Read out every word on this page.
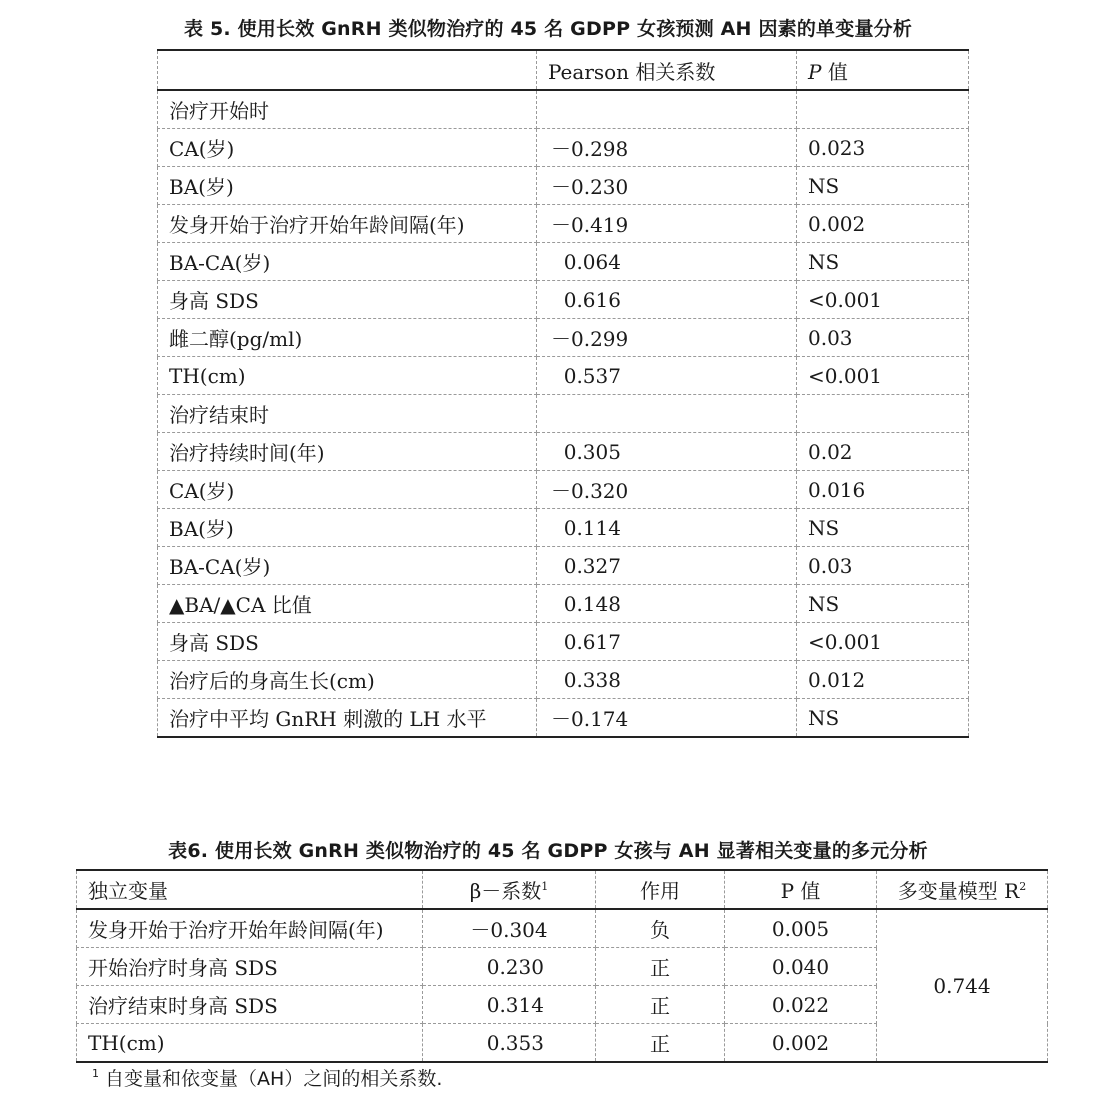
表 5. 使用长效 GnRH 类似物治疗的 45 名 GDPP 女孩预测 AH 因素的单变量分析
	Pearson 相关系数	P 值
治疗开始时		
CA(岁)	－0.298	0.023
BA(岁)	－0.230	NS
发身开始于治疗开始年龄间隔(年)	－0.419	0.002
BA-CA(岁)	0.064	NS
身高 SDS	0.616	<0.001
雌二醇(pg/ml)	－0.299	0.03
TH(cm)	0.537	<0.001
治疗结束时		
治疗持续时间(年)	0.305	0.02
CA(岁)	－0.320	0.016
BA(岁)	0.114	NS
BA-CA(岁)	0.327	0.03
▲BA/▲CA 比值	0.148	NS
身高 SDS	0.617	<0.001
治疗后的身高生长(cm)	0.338	0.012
治疗中平均 GnRH 刺激的 LH 水平	－0.174	NS
表6. 使用长效 GnRH 类似物治疗的 45 名 GDPP 女孩与 AH 显著相关变量的多元分析
独立变量	β－系数$^1$	作用	P 值	多变量模型 $R^2$
发身开始于治疗开始年龄间隔(年)	－0.304	负	0.005	0.744
开始治疗时身高 SDS	0.230	正	0.040	
治疗结束时身高 SDS	0.314	正	0.022	
TH(cm)	0.353	正	0.002	
$^1$ 自变量和依变量（AH）之间的相关系数.
